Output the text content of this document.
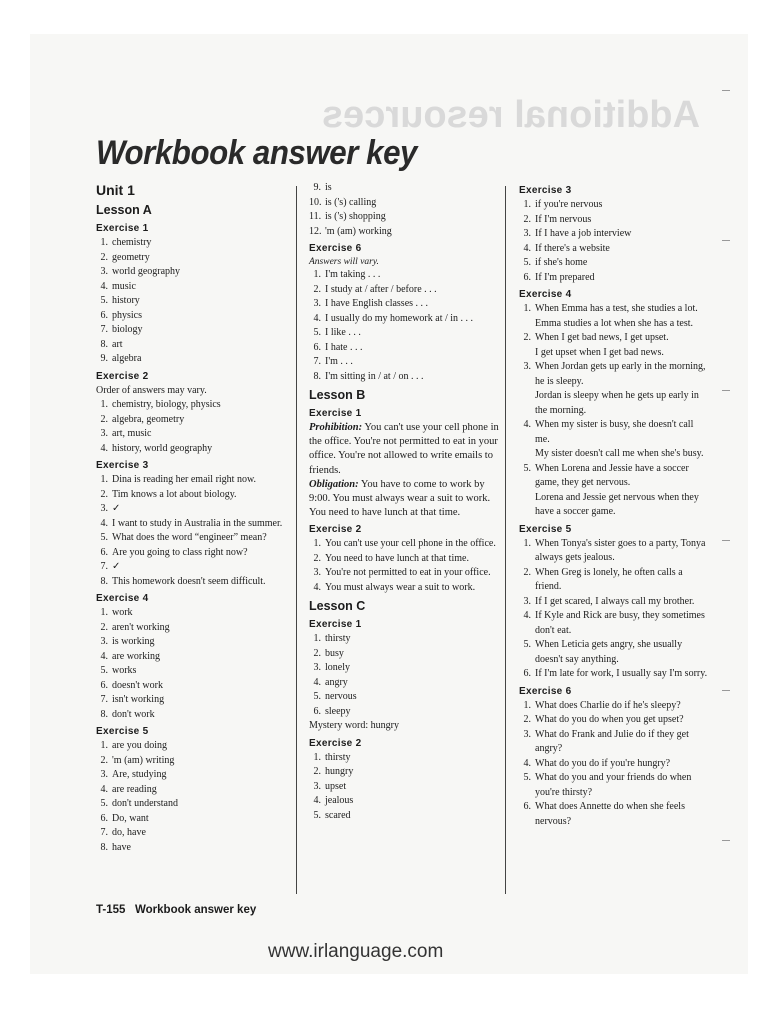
Additional resources
Workbook answer key
Unit 1
Lesson A
Exercise 1
1. chemistry
2. geometry
3. world geography
4. music
5. history
6. physics
7. biology
8. art
9. algebra
Exercise 2
Order of answers may vary.
1. chemistry, biology, physics
2. algebra, geometry
3. art, music
4. history, world geography
Exercise 3
1. Dina is reading her email right now.
2. Tim knows a lot about biology.
3. ✓
4. I want to study in Australia in the summer.
5. What does the word “engineer” mean?
6. Are you going to class right now?
7. ✓
8. This homework doesn't seem difficult.
Exercise 4
1. work
2. aren't working
3. is working
4. are working
5. works
6. doesn't work
7. isn't working
8. don't work
Exercise 5
1. are you doing
2. 'm (am) writing
3. Are, studying
4. are reading
5. don't understand
6. Do, want
7. do, have
8. have
9. is
10. is ('s) calling
11. is ('s) shopping
12. 'm (am) working
Exercise 6
Answers will vary.
1. I'm taking . . .
2. I study at / after / before . . .
3. I have English classes . . .
4. I usually do my homework at / in . . .
5. I like . . .
6. I hate . . .
7. I'm . . .
8. I'm sitting in / at / on . . .
Lesson B
Exercise 1
Prohibition: You can't use your cell phone in the office. You're not permitted to eat in your office. You're not allowed to write emails to friends.
Obligation: You have to come to work by 9:00. You must always wear a suit to work. You need to have lunch at that time.
Exercise 2
1. You can't use your cell phone in the office.
2. You need to have lunch at that time.
3. You're not permitted to eat in your office.
4. You must always wear a suit to work.
Lesson C
Exercise 1
1. thirsty
2. busy
3. lonely
4. angry
5. nervous
6. sleepy
Mystery word: hungry
Exercise 2
1. thirsty
2. hungry
3. upset
4. jealous
5. scared
Exercise 3
1. if you're nervous
2. If I'm nervous
3. If I have a job interview
4. If there's a website
5. if she's home
6. If I'm prepared
Exercise 4
1. When Emma has a test, she studies a lot.
Emma studies a lot when she has a test.
2. When I get bad news, I get upset.
I get upset when I get bad news.
3. When Jordan gets up early in the morning, he is sleepy.
Jordan is sleepy when he gets up early in the morning.
4. When my sister is busy, she doesn't call me.
My sister doesn't call me when she's busy.
5. When Lorena and Jessie have a soccer game, they get nervous.
Lorena and Jessie get nervous when they have a soccer game.
Exercise 5
1. When Tonya's sister goes to a party, Tonya always gets jealous.
2. When Greg is lonely, he often calls a friend.
3. If I get scared, I always call my brother.
4. If Kyle and Rick are busy, they sometimes don't eat.
5. When Leticia gets angry, she usually doesn't say anything.
6. If I'm late for work, I usually say I'm sorry.
Exercise 6
1. What does Charlie do if he's sleepy?
2. What do you do when you get upset?
3. What do Frank and Julie do if they get angry?
4. What do you do if you're hungry?
5. What do you and your friends do when you're thirsty?
6. What does Annette do when she feels nervous?
T-155 Workbook answer key
www.irlanguage.com
